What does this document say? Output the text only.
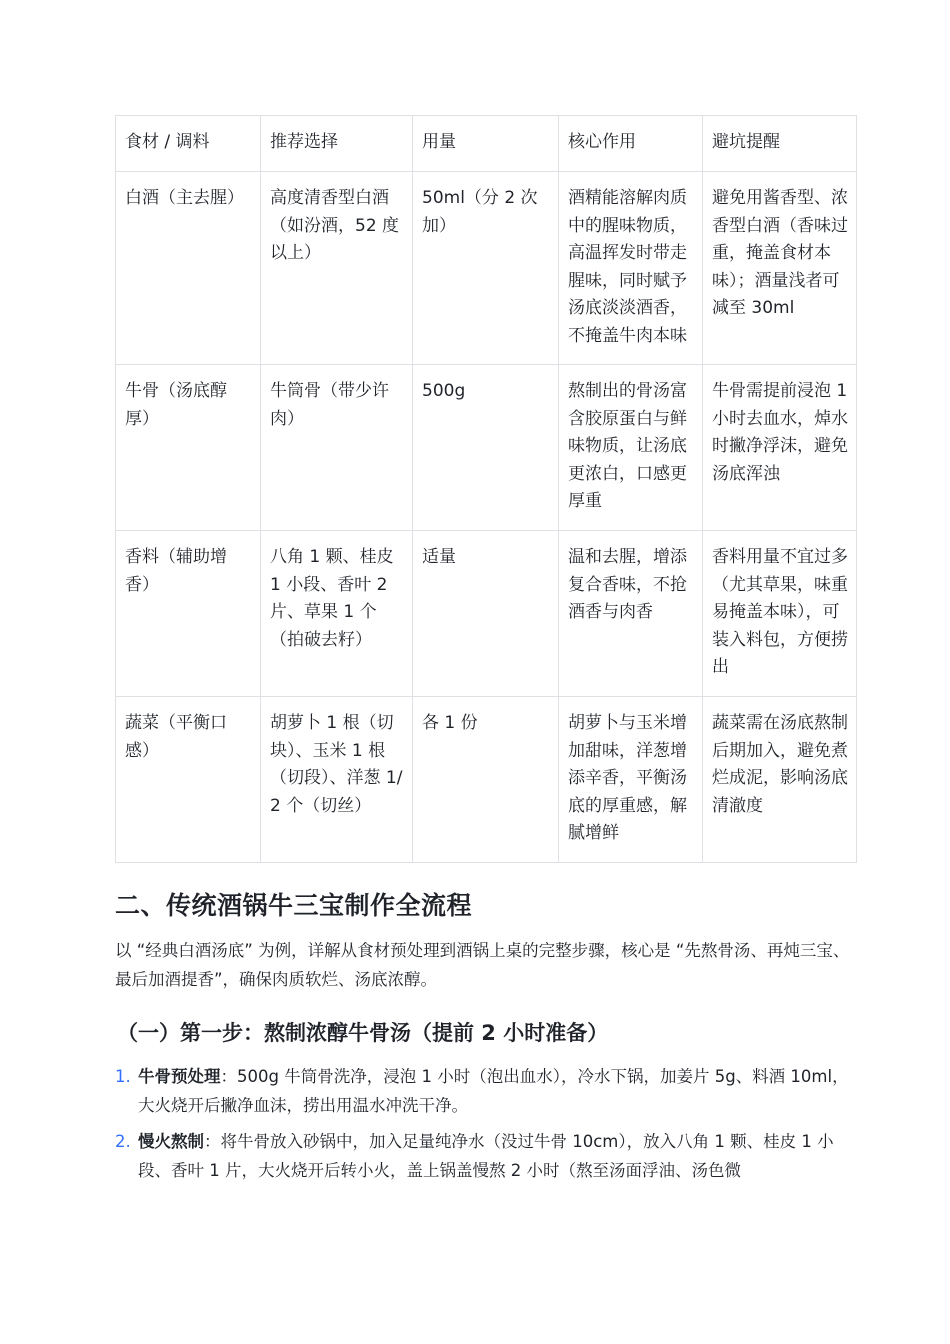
食材 / 调料	推荐选择	用量	核心作用	避坑提醒
白酒（主去腥）	高度清香型白酒（如汾酒，52 度以上）	50ml（分 2 次加）	酒精能溶解肉质中的腥味物质，高温挥发时带走腥味，同时赋予汤底淡淡酒香，不掩盖牛肉本味	避免用酱香型、浓香型白酒（香味过重，掩盖食材本味）；酒量浅者可减至 30ml
牛骨（汤底醇厚）	牛筒骨（带少许肉）	500g	熬制出的骨汤富含胶原蛋白与鲜味物质，让汤底更浓白，口感更厚重	牛骨需提前浸泡 1 小时去血水，焯水时撇净浮沫，避免汤底浑浊
香料（辅助增香）	八角 1 颗、桂皮 1 小段、香叶 2 片、草果 1 个（拍破去籽）	适量	温和去腥，增添复合香味，不抢酒香与肉香	香料用量不宜过多（尤其草果，味重易掩盖本味），可装入料包，方便捞出
蔬菜（平衡口感）	胡萝卜 1 根（切块）、玉米 1 根（切段）、洋葱 1/2 个（切丝）	各 1 份	胡萝卜与玉米增加甜味，洋葱增添辛香，平衡汤底的厚重感，解腻增鲜	蔬菜需在汤底熬制后期加入，避免煮烂成泥，影响汤底清澈度
二、传统酒锅牛三宝制作全流程
以 “经典白酒汤底” 为例，详解从食材预处理到酒锅上桌的完整步骤，核心是 “先熬骨汤、再炖三宝、最后加酒提香”，确保肉质软烂、汤底浓醇。
（一）第一步：熬制浓醇牛骨汤（提前 2 小时准备）
1. 牛骨预处理：500g 牛筒骨洗净，浸泡 1 小时（泡出血水），冷水下锅，加姜片 5g、料酒 10ml，大火烧开后撇净血沫，捞出用温水冲洗干净。
2. 慢火熬制：将牛骨放入砂锅中，加入足量纯净水（没过牛骨 10cm），放入八角 1 颗、桂皮 1 小段、香叶 1 片，大火烧开后转小火，盖上锅盖慢熬 2 小时（熬至汤面浮油、汤色微
